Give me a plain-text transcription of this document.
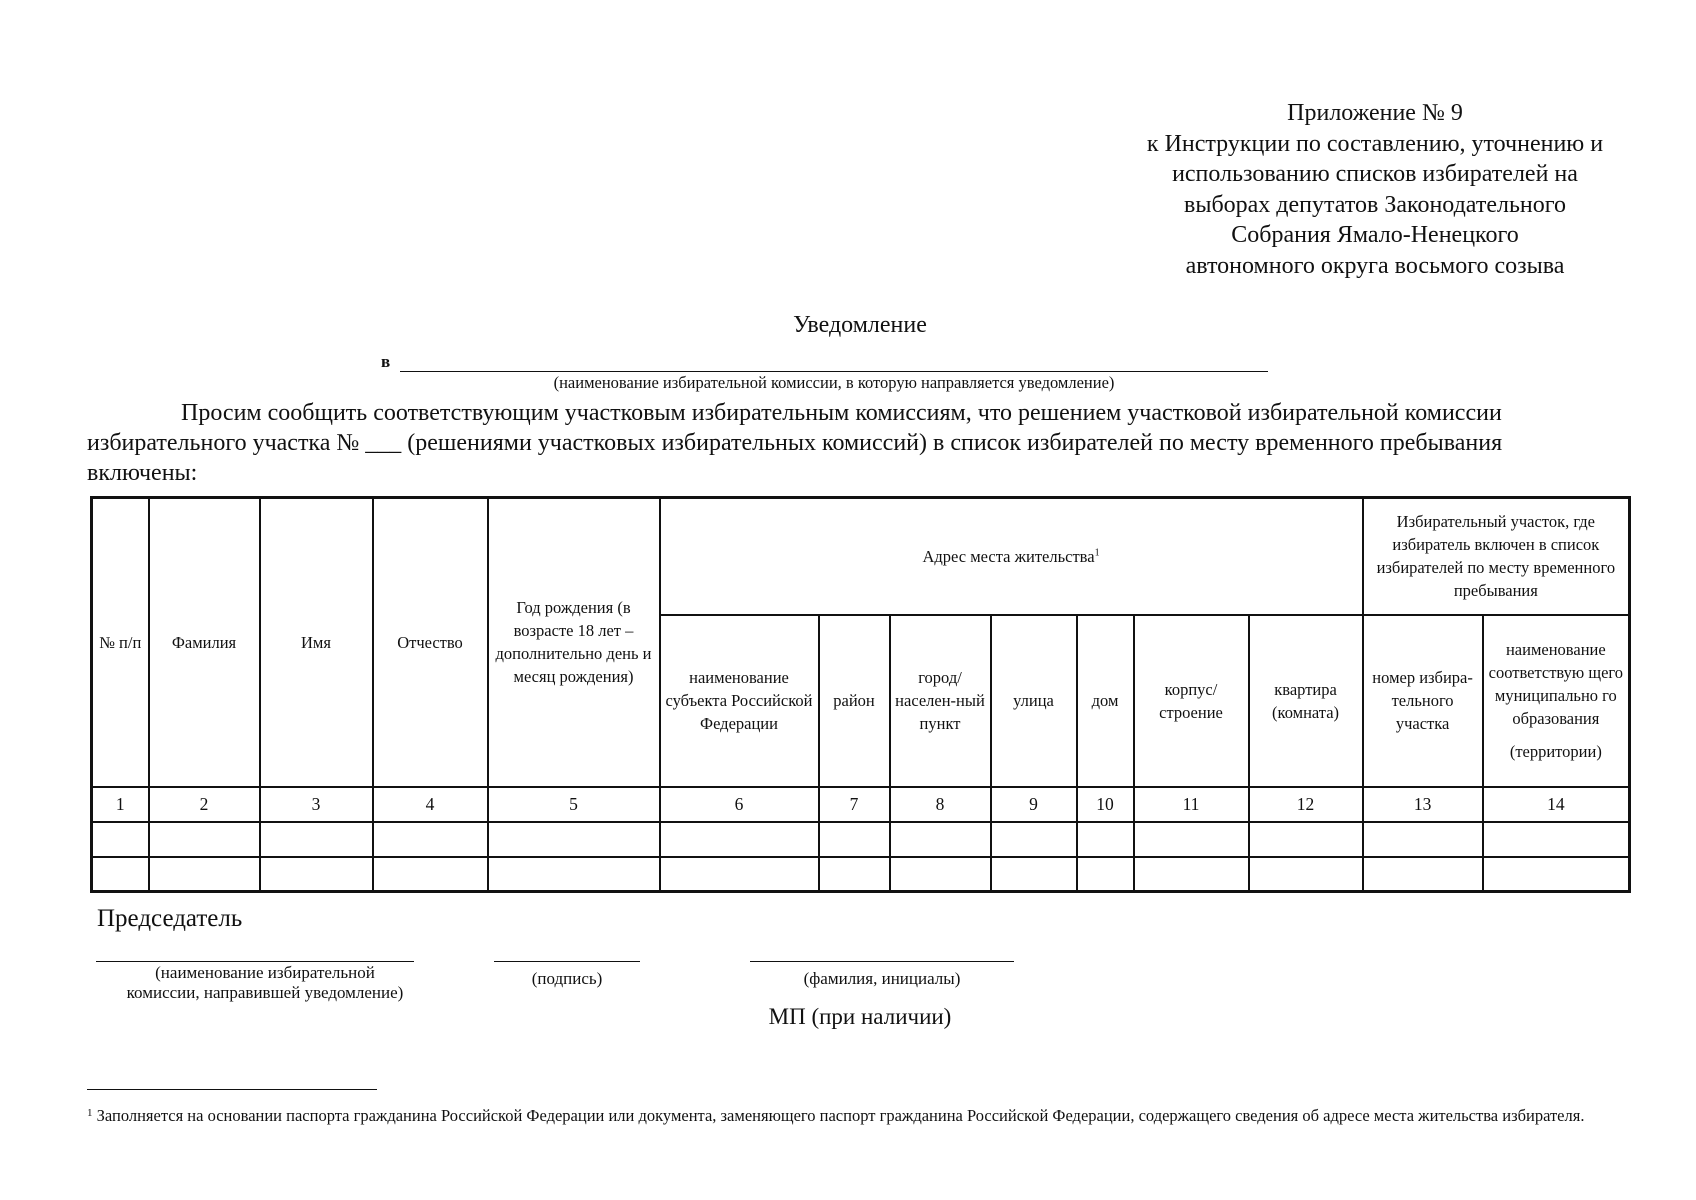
Приложение № 9
к Инструкции по составлению, уточнению и
использованию списков избирателей на
выборах депутатов Законодательного
Собрания Ямало-Ненецкого
автономного округа восьмого созыва
Уведомление
в
(наименование избирательной комиссии, в которую направляется уведомление)
Просим сообщить соответствующим участковым избирательным комиссиям, что решением участковой избирательной комиссии
избирательного участка № ___ (решениями участковых избирательных комиссий) в список избирателей по месту временного пребывания
включены:
№ п/п	Фамилия	Имя	Отчество	Год рождения (в возрасте 18 лет – дополнительно день и месяц рождения)	Адрес места жительства$^1$							Избирательный участок, где избиратель включен в список избирателей по месту временного пребывания	
					наименование субъекта Российской Федерации	район	город/ населен-ный пункт	улица	дом	корпус/ строение	квартира (комната)	номер избира-тельного участка	наименование соответствую щего муниципально го образования
(территории)

1	2	3	4	5	6	7	8	9	10	11	12	13	14

Председатель
(наименование избирательной
комиссии, направившей уведомление)
(подпись)	(фамилия, инициалы)
МП (при наличии)
$^1$ Заполняется на основании паспорта гражданина Российской Федерации или документа, заменяющего паспорт гражданина Российской Федерации, содержащего сведения об адресе места жительства избирателя.
